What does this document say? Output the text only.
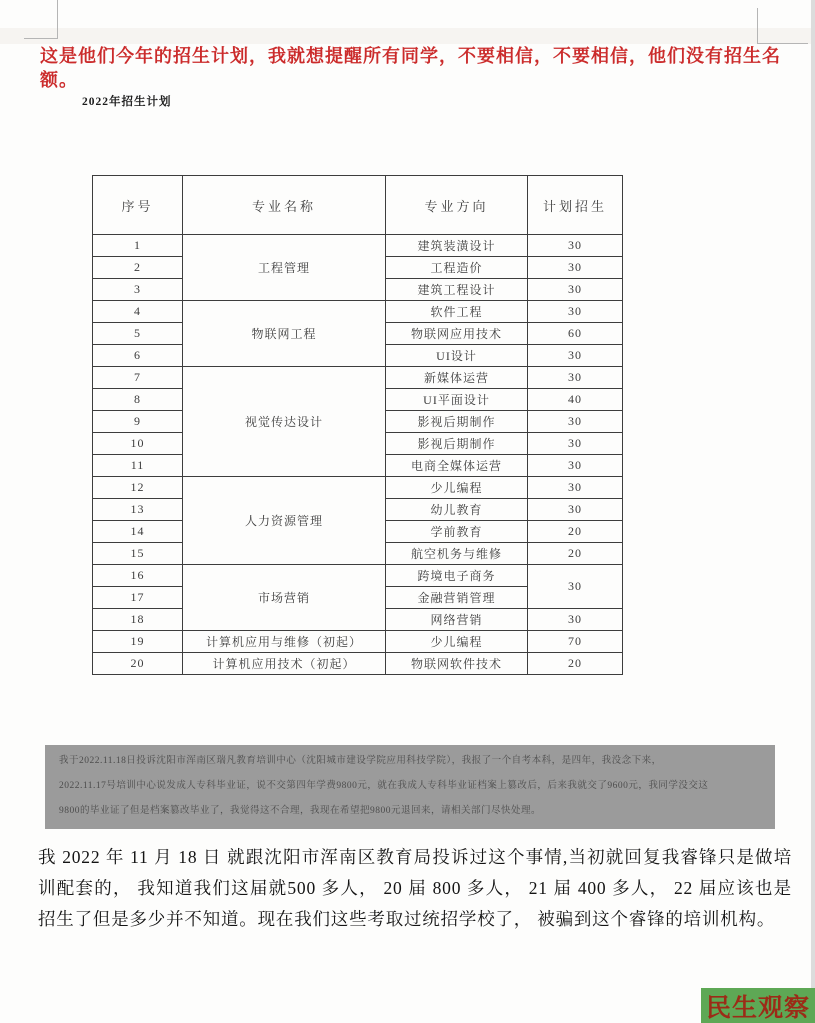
这是他们今年的招生计划，我就想提醒所有同学，不要相信，不要相信，他们没有招生名额。
2022年招生计划
序号	专业名称	专业方向	计划招生
1	工程管理	建筑装潢设计	30
2		工程造价	30
3		建筑工程设计	30
4	物联网工程	软件工程	30
5		物联网应用技术	60
6		UI设计	30
7	视觉传达设计	新媒体运营	30
8		UI平面设计	40
9		影视后期制作	30
10		影视后期制作	30
11		电商全媒体运营	30
12	人力资源管理	少儿编程	30
13		幼儿教育	30
14		学前教育	20
15		航空机务与维修	20
16	市场营销	跨境电子商务	30
17		金融营销管理	
18		网络营销	30
19	计算机应用与维修（初起）	少儿编程	70
20	计算机应用技术（初起）	物联网软件技术	20
我于2022.11.18日投诉沈阳市浑南区瑞凡教育培训中心（沈阳城市建设学院应用科技学院），我报了一个自考本科，是四年，我没念下来，
2022.11.17号培训中心说发成人专科毕业证，说不交第四年学费9800元，就在我成人专科毕业证档案上篡改后，后来我就交了9600元，我同学没交这
9800的毕业证了但是档案篡改毕业了，我觉得这不合理，我现在希望把9800元退回来，请相关部门尽快处理。
我 2022 年 11 月 18 日 就跟沈阳市浑南区教育局投诉过这个事情,当初就回复我睿锋只是做培训配套的， 我知道我们这届就500 多人， 20 届 800 多人， 21 届 400 多人， 22 届应该也是招生了但是多少并不知道。现在我们这些考取过统招学校了， 被骗到这个睿锋的培训机构。
民生观察
